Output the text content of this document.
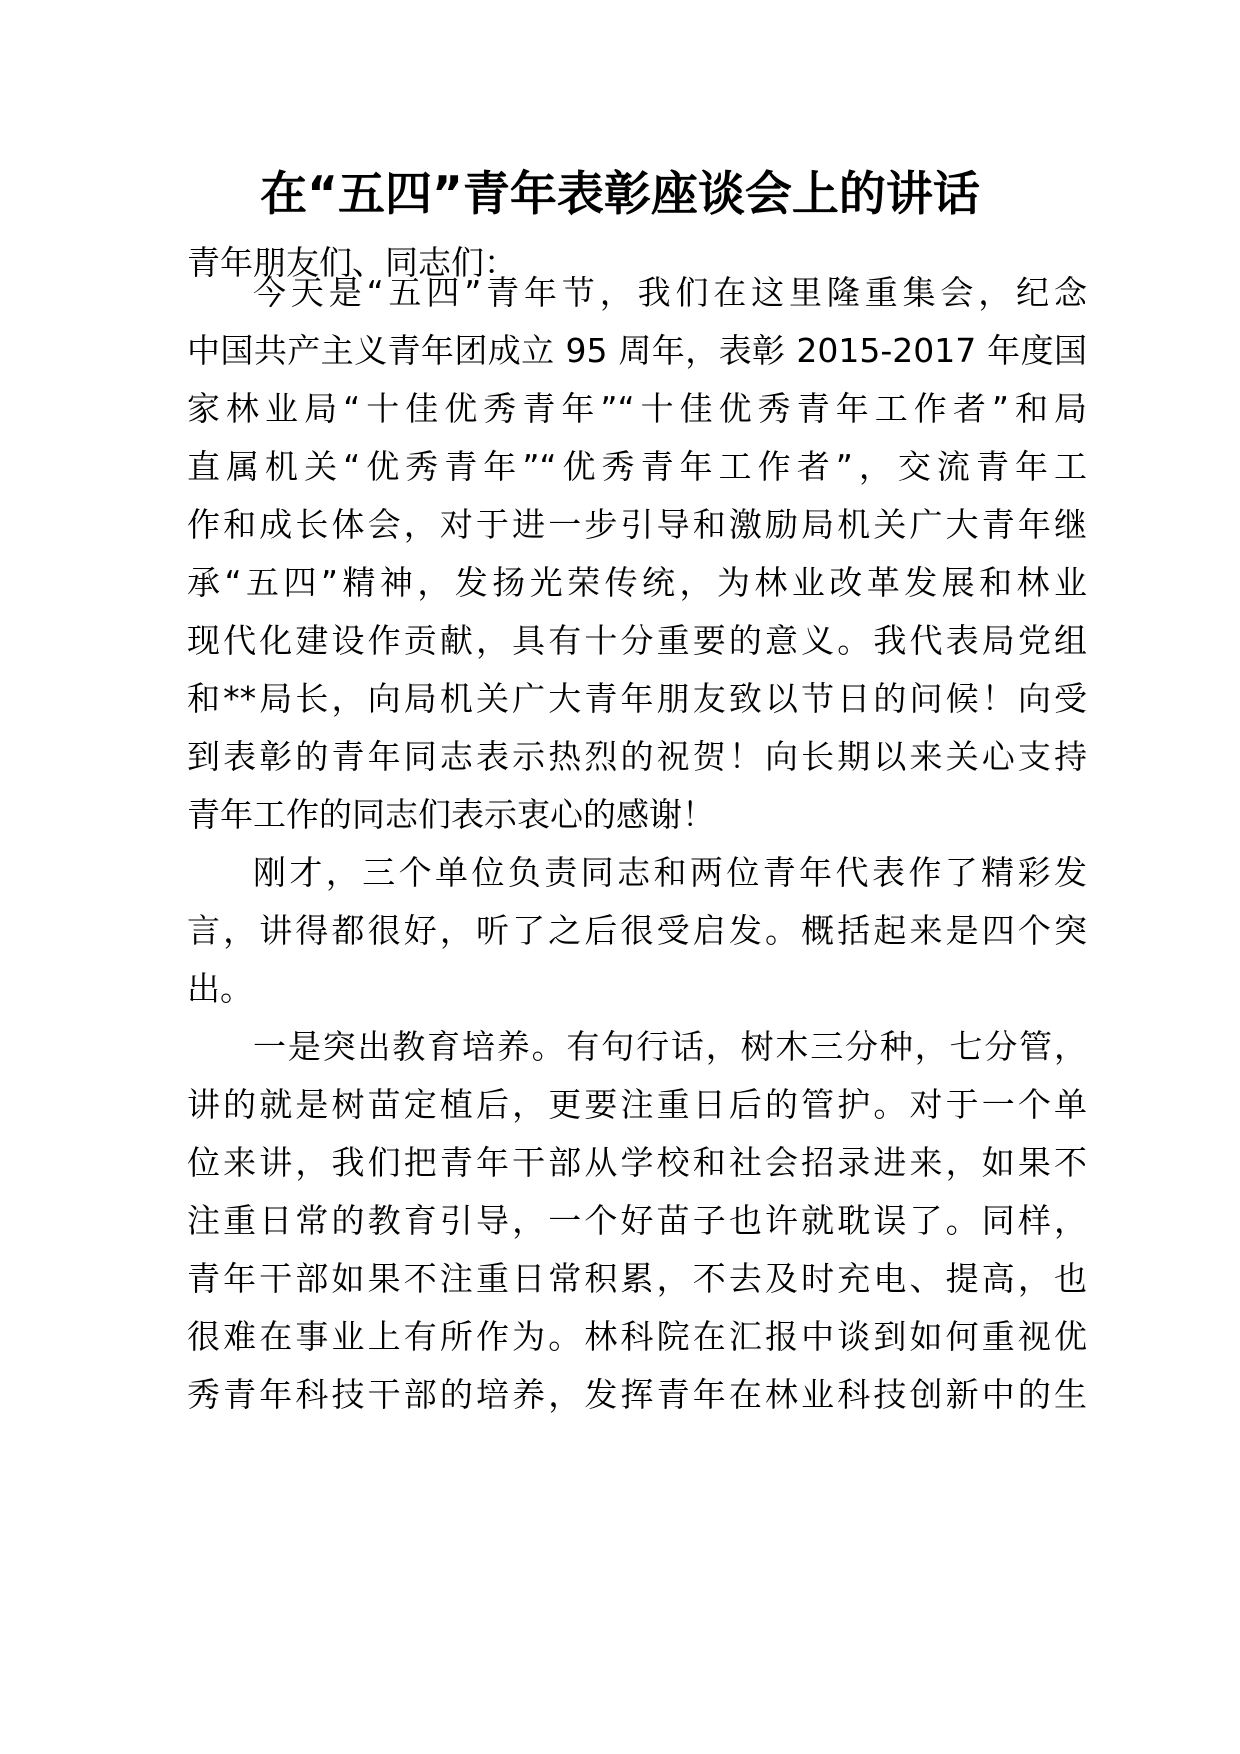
在“五四”青年表彰座谈会上的讲话
青年朋友们、同志们：
今天是“五四”青年节，我们在这里隆重集会，纪念
中国共产主义青年团成立 95 周年，表彰 2015-2017 年度国
家林业局“十佳优秀青年”“十佳优秀青年工作者”和局
直属机关“优秀青年”“优秀青年工作者”，交流青年工
作和成长体会，对于进一步引导和激励局机关广大青年继
承“五四”精神，发扬光荣传统，为林业改革发展和林业
现代化建设作贡献，具有十分重要的意义。我代表局党组
和**局长，向局机关广大青年朋友致以节日的问候！向受
到表彰的青年同志表示热烈的祝贺！向长期以来关心支持
青年工作的同志们表示衷心的感谢！
刚才，三个单位负责同志和两位青年代表作了精彩发
言，讲得都很好，听了之后很受启发。概括起来是四个突
出。
一是突出教育培养。有句行话，树木三分种，七分管，
讲的就是树苗定植后，更要注重日后的管护。对于一个单
位来讲，我们把青年干部从学校和社会招录进来，如果不
注重日常的教育引导，一个好苗子也许就耽误了。同样，
青年干部如果不注重日常积累，不去及时充电、提高，也
很难在事业上有所作为。林科院在汇报中谈到如何重视优
秀青年科技干部的培养，发挥青年在林业科技创新中的生
